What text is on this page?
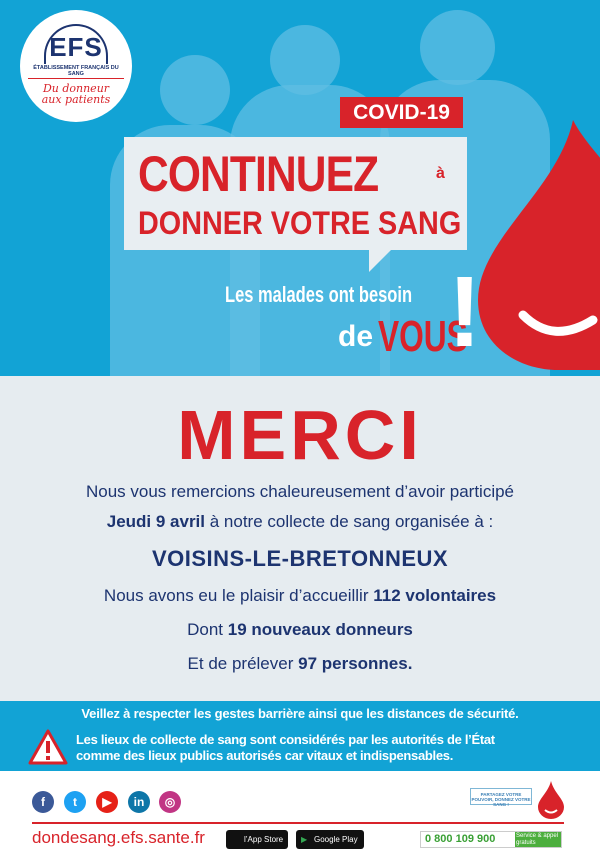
EFS
ÉTABLISSEMENT FRANÇAIS DU SANG
Du donneur
aux patients
COVID-19
CONTINUEZ	à
DONNER VOTRE SANG
Les malades ont besoin
de VOUS
!
MERCI
Nous vous remercions chaleureusement d’avoir participé
Jeudi 9 avril à notre collecte de sang organisée à :
VOISINS-LE-BRETONNEUX
Nous avons eu le plaisir d’accueillir 112 volontaires
Dont 19 nouveaux donneurs
Et de prélever 97 personnes.
Veillez à respecter les gestes barrière ainsi que les distances de sécurité.
Les lieux de collecte de sang sont considérés par les autorités de l’État
comme des lieux publics autorisés car vitaux et indispensables.
f	t	▶	in	◎
PARTAGEZ VOTRE POUVOIR, DONNEZ VOTRE SANG !
dondesang.efs.sante.fr	l’App Store	▶ Google Play	0 800 109 900	Service & appel gratuits
